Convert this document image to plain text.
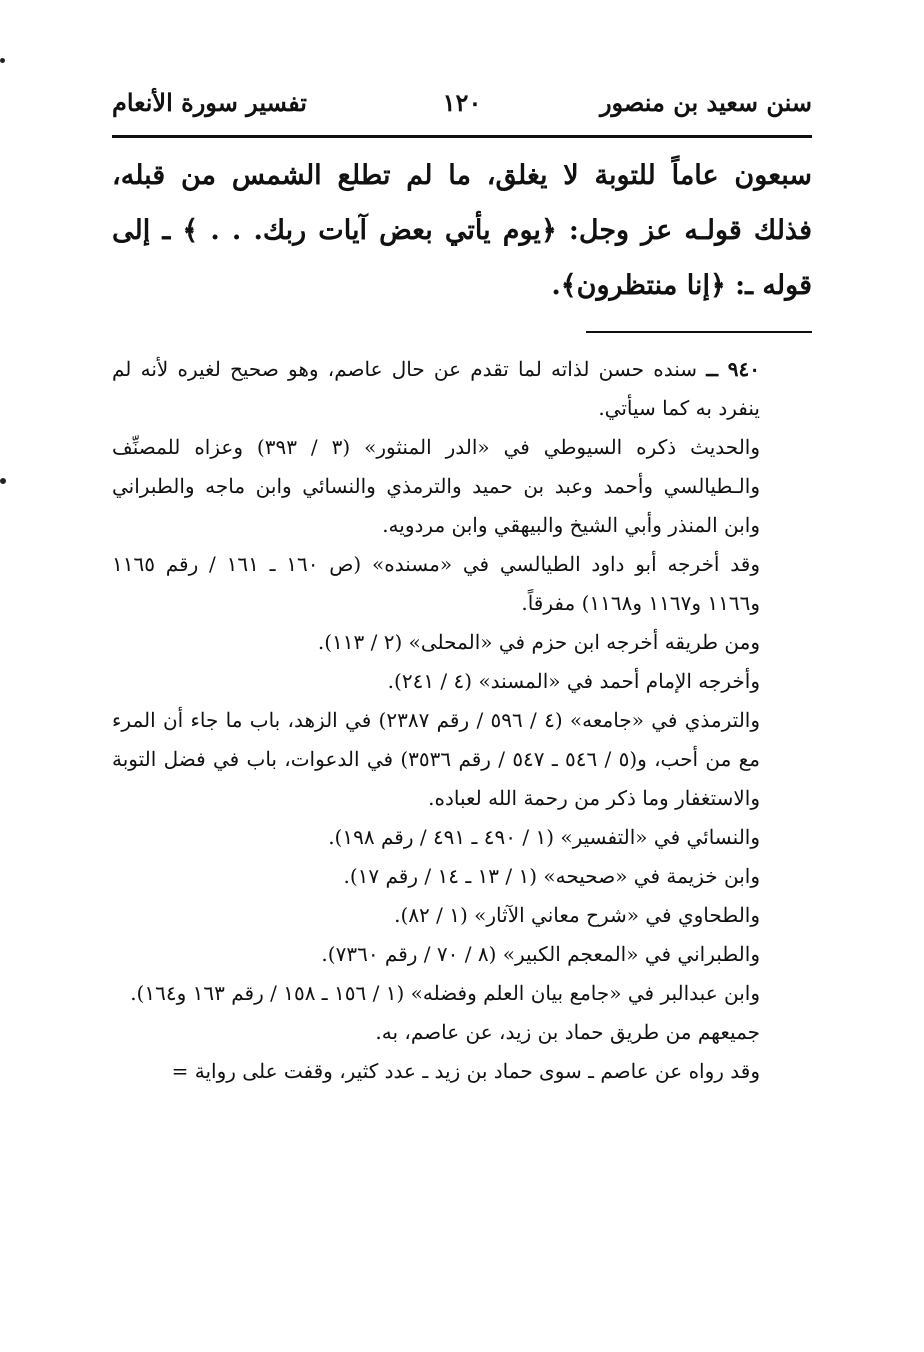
سنن سعيد بن منصور
١٢٠
تفسير سورة الأنعام

سبعون عاماً للتوبة لا يغلق، ما لم تطلع الشمس من قبله، فذلك قولـه عز وجل: ﴿يوم يأتي بعض آيات ربك. . . ﴾ ـ إلى قوله ـ: ﴿إنا منتظرون﴾.

٩٤٠ ــ سنده حسن لذاته لما تقدم عن حال عاصم، وهو صحيح لغيره لأنه لم ينفرد به كما سيأتي.

والحديث ذكره السيوطي في «الدر المنثور» (٣ / ٣٩٣) وعزاه للمصنِّف والـطيالسي وأحمد وعبد بن حميد والترمذي والنسائي وابن ماجه والطبراني وابن المنذر وأبي الشيخ والبيهقي وابن مردويه.

وقد أخرجه أبو داود الطيالسي في «مسنده» (ص ١٦٠ ـ ١٦١ / رقم ١١٦٥ و١١٦٦ و١١٦٧ و١١٦٨) مفرقاً.

ومن طريقه أخرجه ابن حزم في «المحلى» (٢ / ١١٣).

وأخرجه الإمام أحمد في «المسند» (٤ / ٢٤١).

والترمذي في «جامعه» (٤ / ٥٩٦ / رقم ٢٣٨٧) في الزهد، باب ما جاء أن المرء مع من أحب، و(٥ / ٥٤٦ ـ ٥٤٧ / رقم ٣٥٣٦) في الدعوات، باب في فضل التوبة والاستغفار وما ذكر من رحمة الله لعباده.

والنسائي في «التفسير» (١ / ٤٩٠ ـ ٤٩١ / رقم ١٩٨).

وابن خزيمة في «صحيحه» (١ / ١٣ ـ ١٤ / رقم ١٧).

والطحاوي في «شرح معاني الآثار» (١ / ٨٢).

والطبراني في «المعجم الكبير» (٨ / ٧٠ / رقم ٧٣٦٠).

وابن عبدالبر في «جامع بيان العلم وفضله» (١ / ١٥٦ ـ ١٥٨ / رقم ١٦٣ و١٦٤).

جميعهم من طريق حماد بن زيد، عن عاصم، به.

وقد رواه عن عاصم ـ سوى حماد بن زيد ـ عدد كثير، وقفت على رواية =
